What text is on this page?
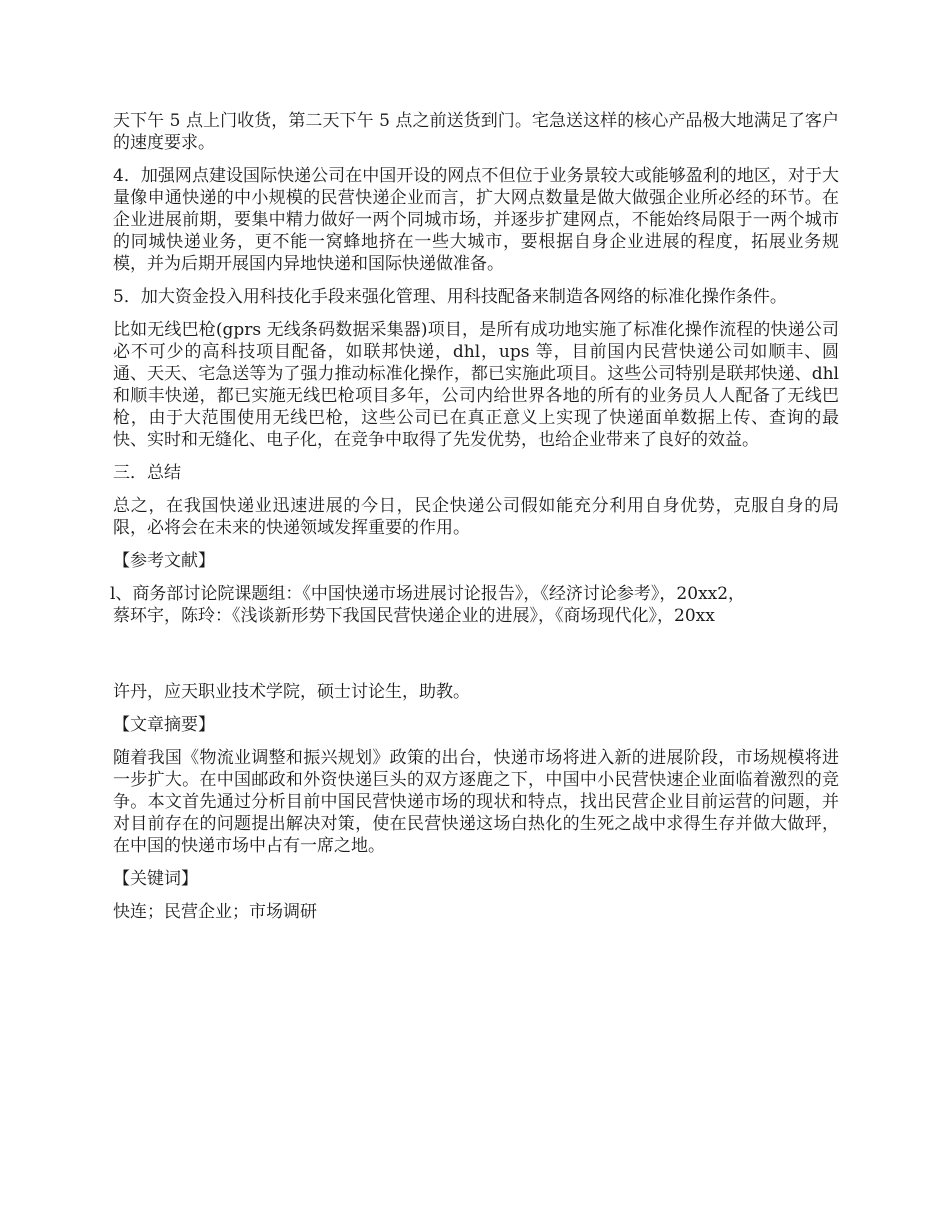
天下午 5 点上门收货，第二天下午 5 点之前送货到门。宅急送这样的核心产品极大地满足了客户的速度要求。

4．加强网点建设国际快递公司在中国开设的网点不但位于业务景较大或能够盈利的地区，对于大量像申通快递的中小规模的民营快递企业而言，扩大网点数量是做大做强企业所必经的环节。在企业进展前期，要集中精力做好一两个同城市场，并逐步扩建网点，不能始终局限于一两个城市的同城快递业务，更不能一窝蜂地挤在一些大城市，要根据自身企业进展的程度，拓展业务规模，并为后期开展国内异地快递和国际快递做准备。

5．加大资金投入用科技化手段来强化管理、用科技配备来制造各网络的标准化操作条件。

比如无线巴枪(gprs 无线条码数据采集器)项目，是所有成功地实施了标准化操作流程的快递公司必不可少的高科技项目配备，如联邦快递，dhl，ups 等，目前国内民营快递公司如顺丰、圆通、天天、宅急送等为了强力推动标准化操作，都已实施此项目。这些公司特别是联邦快递、dhl 和顺丰快递，都已实施无线巴枪项目多年，公司内给世界各地的所有的业务员人人配备了无线巴枪，由于大范围使用无线巴枪，这些公司已在真正意义上实现了快递面单数据上传、查询的最快、实时和无缝化、电子化，在竞争中取得了先发优势，也给企业带来了良好的效益。

三．总结

总之，在我国快递业迅速进展的今日，民企快递公司假如能充分利用自身优势，克服自身的局限，必将会在未来的快递领域发挥重要的作用。

【参考文献】

l、商务部讨论院课题组：《中国快递市场进展讨论报告》，《经济讨论参考》，20xx2，

蔡环宇，陈玲：《浅谈新形势下我国民营快递企业的进展》，《商场现代化》，20xx

许丹，应天职业技术学院，硕士讨论生，助教。

【文章摘要】

随着我国《物流业调整和振兴规划》政策的出台，快递市场将进入新的进展阶段，市场规模将进一步扩大。在中国邮政和外资快递巨头的双方逐鹿之下，中国中小民营快速企业面临着激烈的竞争。本文首先通过分析目前中国民营快递市场的现状和特点，找出民营企业目前运营的问题，并对目前存在的问题提出解决对策，使在民营快递这场白热化的生死之战中求得生存并做大做玶，在中国的快递市场中占有一席之地。

【关键词】

快连；民营企业；市场调研
